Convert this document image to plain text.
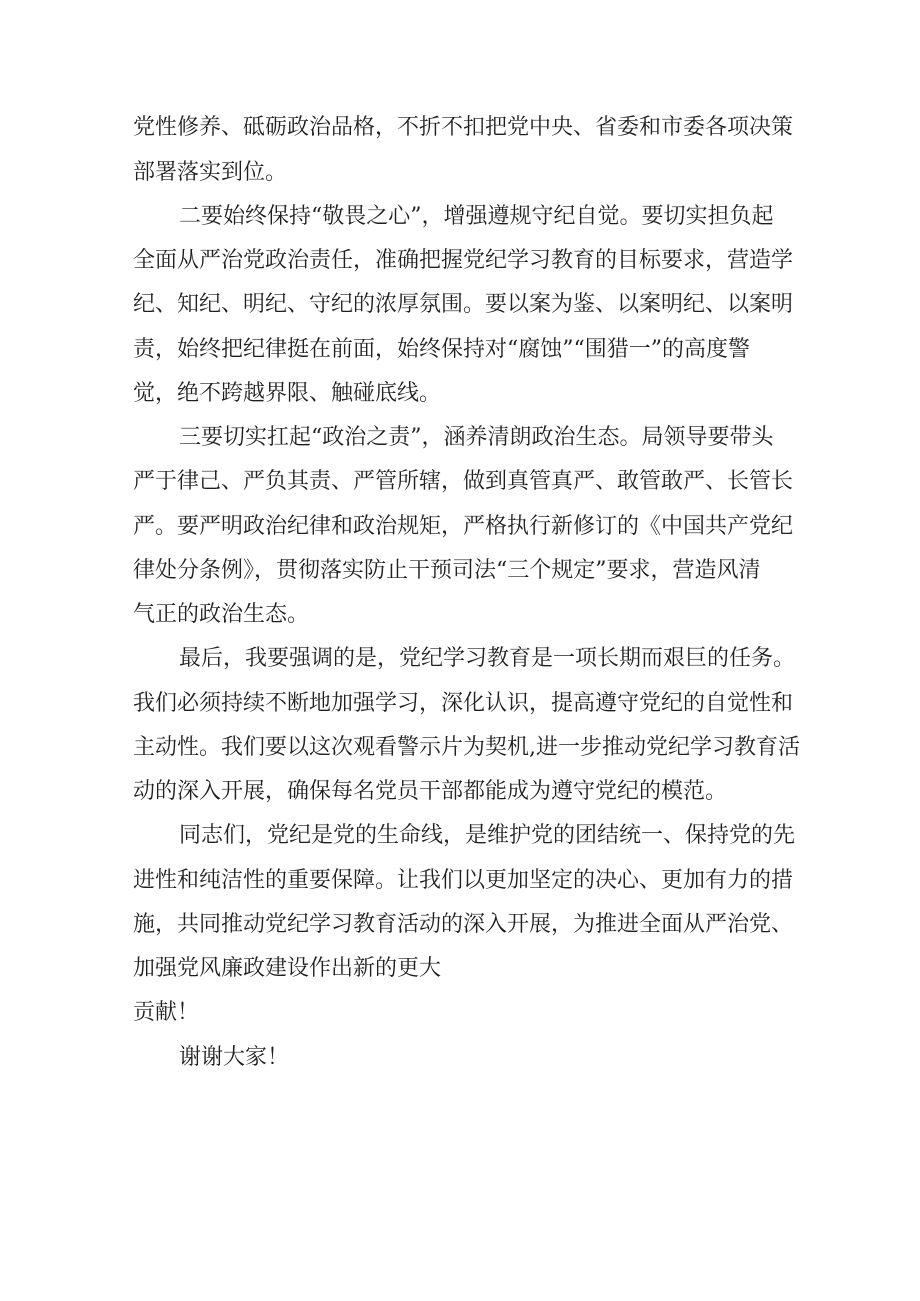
党性修养、砥砺政治品格，不折不扣把党中央、省委和市委各项决策
部署落实到位。
二要始终保持“敬畏之心”，增强遵规守纪自觉。要切实担负起
全面从严治党政治责任，准确把握党纪学习教育的目标要求，营造学
纪、知纪、明纪、守纪的浓厚氛围。要以案为鉴、以案明纪、以案明
责，始终把纪律挺在前面，始终保持对“腐蚀”“围猎一”的高度警
觉，绝不跨越界限、触碰底线。
三要切实扛起“政治之责”，涵养清朗政治生态。局领导要带头
严于律己、严负其责、严管所辖，做到真管真严、敢管敢严、长管长
严。要严明政治纪律和政治规矩，严格执行新修订的《中国共产党纪
律处分条例》，贯彻落实防止干预司法“三个规定”要求，营造风清
气正的政治生态。
最后，我要强调的是，党纪学习教育是一项长期而艰巨的任务。
我们必须持续不断地加强学习，深化认识，提高遵守党纪的自觉性和
主动性。我们要以这次观看警示片为契机,进一步推动党纪学习教育活
动的深入开展，确保每名党员干部都能成为遵守党纪的模范。
同志们，党纪是党的生命线，是维护党的团结统一、保持党的先
进性和纯洁性的重要保障。让我们以更加坚定的决心、更加有力的措
施，共同推动党纪学习教育活动的深入开展，为推进全面从严治党、
加强党风廉政建设作出新的更大
贡献！
谢谢大家！
